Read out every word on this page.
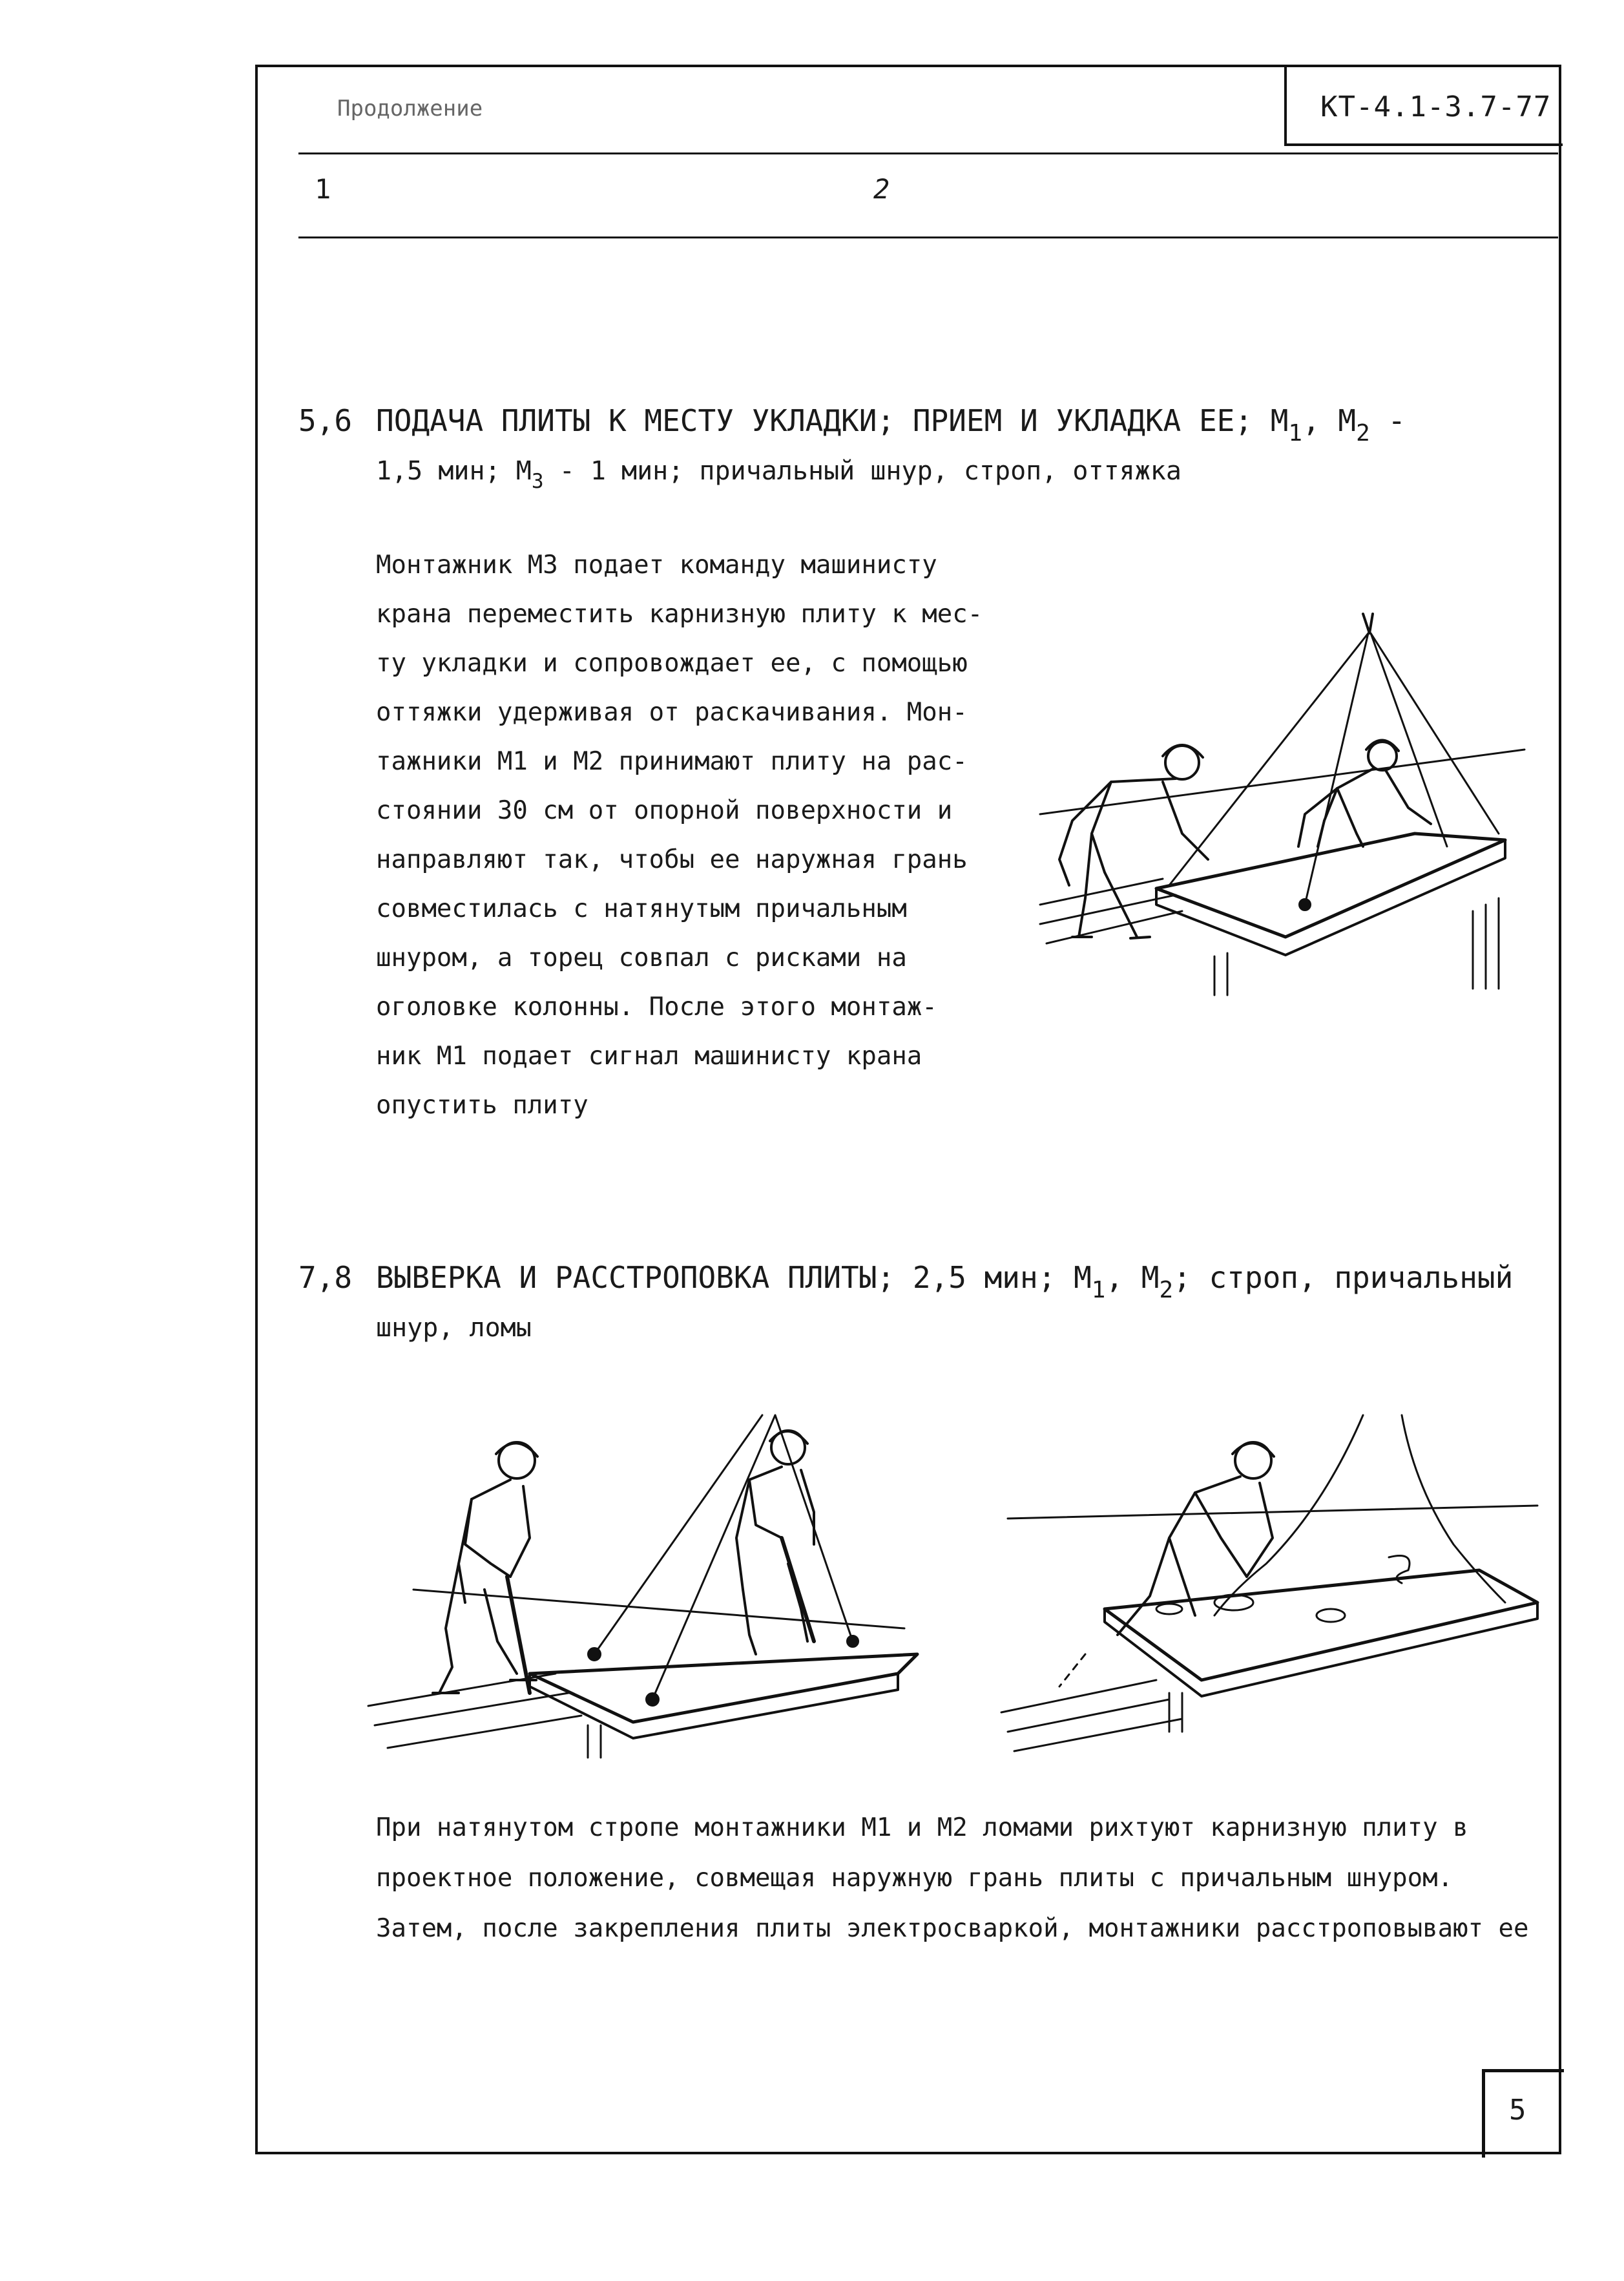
Продолжение	КТ-4.1-3.7-77
1	2
5,6 ПОДАЧА ПЛИТЫ К МЕСТУ УКЛАДКИ; ПРИЕМ И УКЛАДКА ЕЕ; $М_1$, $М_2$ -
1,5 мин; $М_3 - 1$ мин; причальный шнур, строп, оттяжка
Монтажник М3 подает команду машинисту
крана переместить карнизную плиту к мес-
ту укладки и сопровождает ее, с помощью
оттяжки удерживая от раскачивания. Мон-
тажники М1 и М2 принимают плиту на рас-
стоянии 30 см от опорной поверхности и
направляют так, чтобы ее наружная грань
совместилась с натянутым причальным
шнуром, а торец совпал с рисками на
оголовке колонны. После этого монтаж-
ник М1 подает сигнал машинисту крана
опустить плиту
7,8 ВЫВЕРКА И РАССТРОПОВКА ПЛИТЫ; 2,5 мин; $М_1$, $М_2$; строп, причальный
шнур, ломы
При натянутом стропе монтажники М1 и М2 ломами рихтуют карнизную плиту в
проектное положение, совмещая наружную грань плиты с причальным шнуром.
Затем, после закрепления плиты электросваркой, монтажники расстроповывают ее
5
